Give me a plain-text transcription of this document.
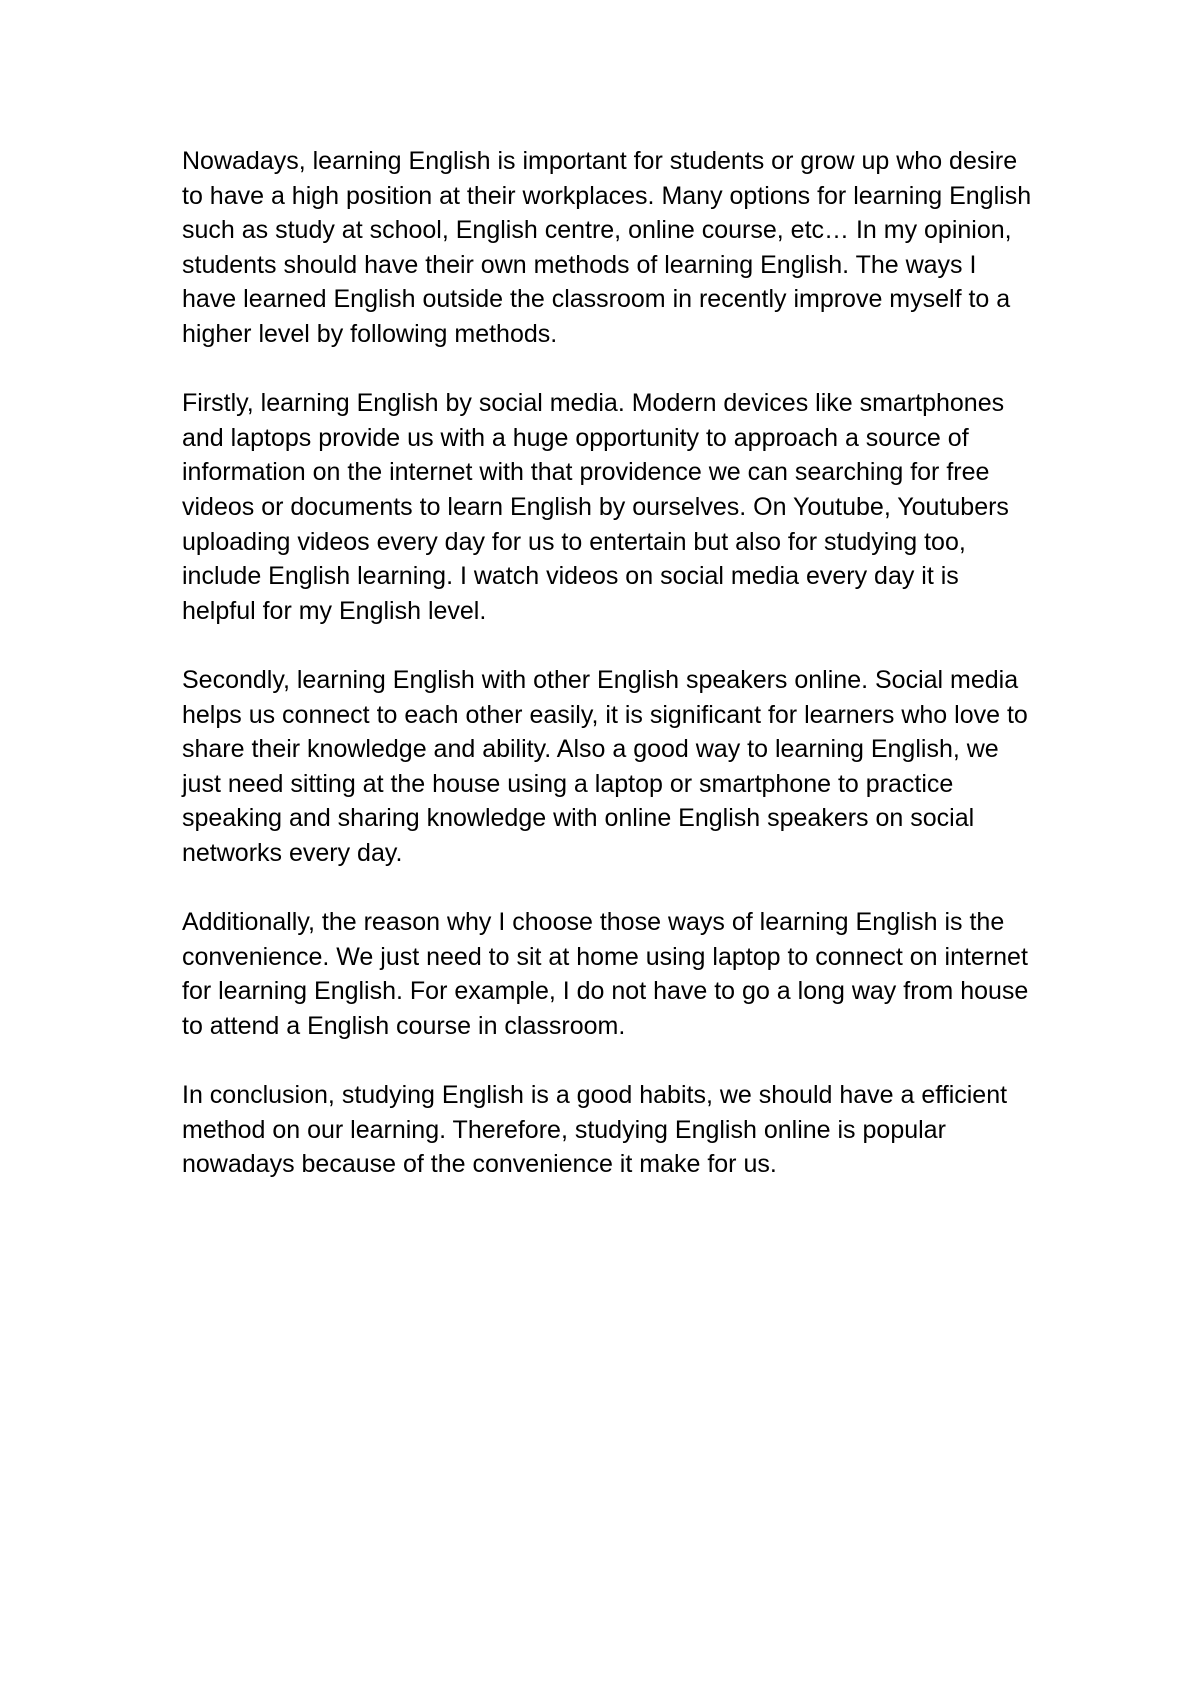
Nowadays, learning English is important for students or grow up who desire to have a high position at their workplaces. Many options for learning English such as study at school, English centre, online course, etc… In my opinion, students should have their own methods of learning English. The ways I have learned English outside the classroom in recently improve myself to a higher level by following methods.

Firstly, learning English by social media. Modern devices like smartphones and laptops provide us with a huge opportunity to approach a source of information on the internet with that providence we can searching for free videos or documents to learn English by ourselves. On Youtube, Youtubers uploading videos every day for us to entertain but also for studying too, include English learning. I watch videos on social media every day it is helpful for my English level.

Secondly, learning English with other English speakers online. Social media helps us connect to each other easily, it is significant for learners who love to share their knowledge and ability. Also a good way to learning English, we just need sitting at the house using a laptop or smartphone to practice speaking and sharing knowledge with online English speakers on social networks every day.

Additionally, the reason why I choose those ways of learning English is the convenience. We just need to sit at home using laptop to connect on internet for learning English. For example, I do not have to go a long way from house to attend a English course in classroom.

In conclusion, studying English is a good habits, we should have a efficient method on our learning. Therefore, studying English online is popular nowadays because of the convenience it make for us.
